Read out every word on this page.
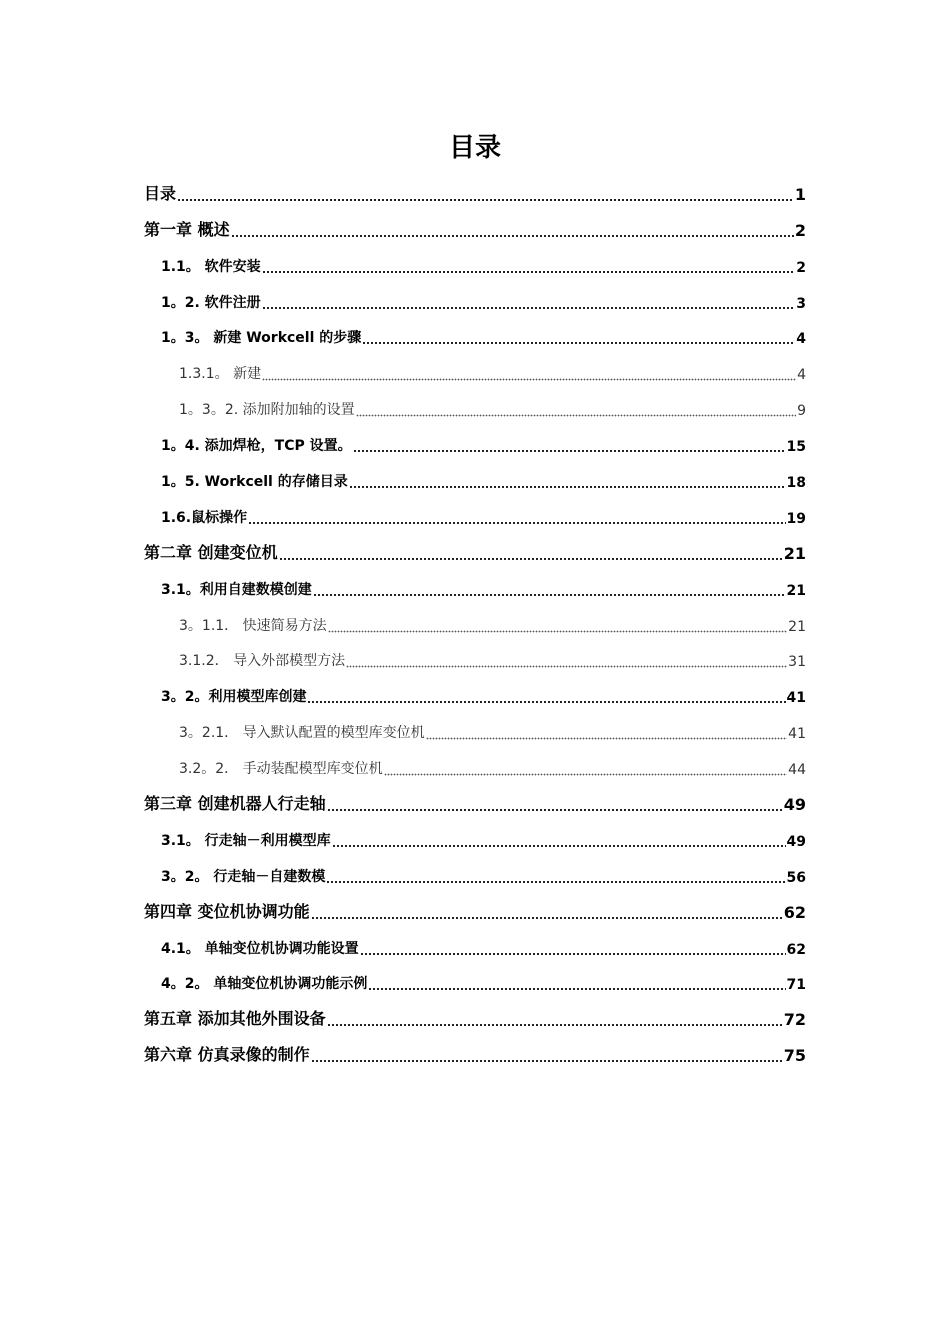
目录
目录	1
第一章 概述	2
1.1。 软件安装	2
1。2. 软件注册	3
1。3。 新建 Workcell 的步骤	4
1.3.1。 新建	4
1。3。2. 添加附加轴的设置	9
1。4. 添加焊枪，TCP 设置。	15
1。5. Workcell 的存储目录	18
1.6.鼠标操作	19
第二章 创建变位机	21
3.1。利用自建数模创建	21
3。1.1． 快速简易方法	21
3.1.2． 导入外部模型方法	31
3。2。利用模型库创建	41
3。2.1． 导入默认配置的模型库变位机	41
3.2。2． 手动装配模型库变位机	44
第三章 创建机器人行走轴	49
3.1。 行走轴－利用模型库	49
3。2。 行走轴－自建数模	56
第四章 变位机协调功能	62
4.1。 单轴变位机协调功能设置	62
4。2。 单轴变位机协调功能示例	71
第五章 添加其他外围设备	72
第六章 仿真录像的制作	75
